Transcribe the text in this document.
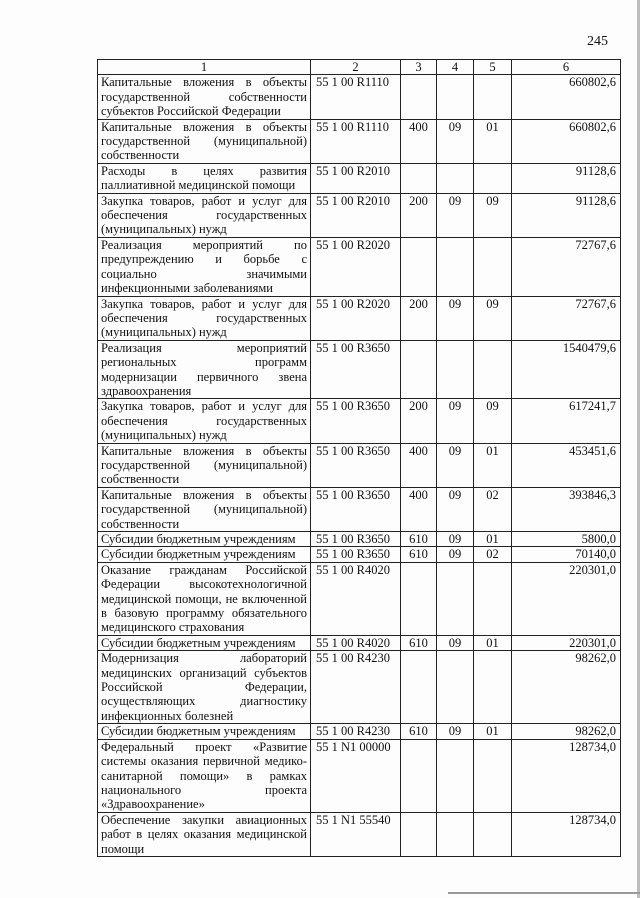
245
1	2	3	4	5	6
Капитальные вложения в объекты государственной собственности субъектов Российской Федерации	55 1 00 R1110				660802,6
Капитальные вложения в объекты государственной (муниципальной) собственности	55 1 00 R1110	400	09	01	660802,6
Расходы в целях развития паллиативной медицинской помощи	55 1 00 R2010				91128,6
Закупка товаров, работ и услуг для обеспечения государственных (муниципальных) нужд	55 1 00 R2010	200	09	09	91128,6
Реализация мероприятий по предупреждению и борьбе с социально значимыми инфекционными заболеваниями	55 1 00 R2020				72767,6
Закупка товаров, работ и услуг для обеспечения государственных (муниципальных) нужд	55 1 00 R2020	200	09	09	72767,6
Реализация мероприятий региональных программ модернизации первичного звена здравоохранения	55 1 00 R3650				1540479,6
Закупка товаров, работ и услуг для обеспечения государственных (муниципальных) нужд	55 1 00 R3650	200	09	09	617241,7
Капитальные вложения в объекты государственной (муниципальной) собственности	55 1 00 R3650	400	09	01	453451,6
Капитальные вложения в объекты государственной (муниципальной) собственности	55 1 00 R3650	400	09	02	393846,3
Субсидии бюджетным учреждениям	55 1 00 R3650	610	09	01	5800,0
Субсидии бюджетным учреждениям	55 1 00 R3650	610	09	02	70140,0
Оказание гражданам Российской Федерации высокотехнологичной медицинской помощи, не включенной в базовую программу обязательного медицинского страхования	55 1 00 R4020				220301,0
Субсидии бюджетным учреждениям	55 1 00 R4020	610	09	01	220301,0
Модернизация лабораторий медицинских организаций субъектов Российской Федерации, осуществляющих диагностику инфекционных болезней	55 1 00 R4230				98262,0
Субсидии бюджетным учреждениям	55 1 00 R4230	610	09	01	98262,0
Федеральный проект «Развитие системы оказания первичной медико-санитарной помощи» в рамках национального проекта «Здравоохранение»	55 1 N1 00000				128734,0
Обеспечение закупки авиационных работ в целях оказания медицинской помощи	55 1 N1 55540				128734,0
